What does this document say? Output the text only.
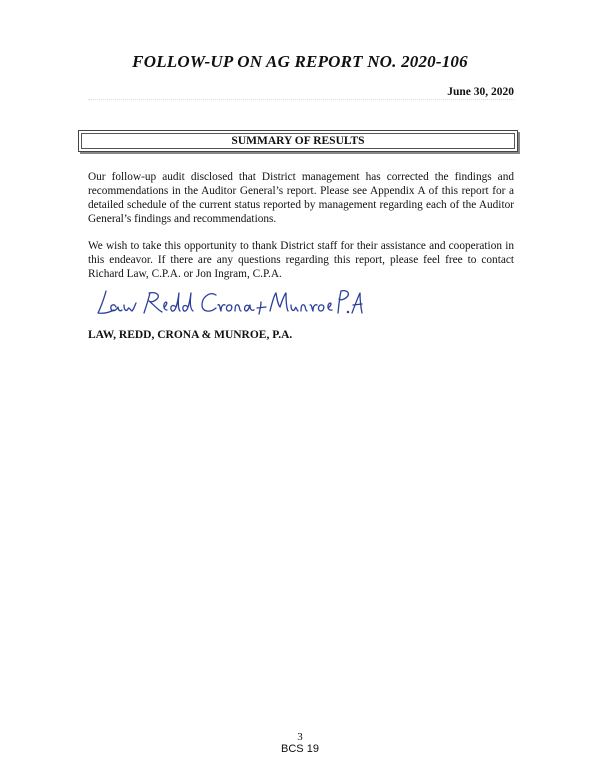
FOLLOW-UP ON AG REPORT NO. 2020-106
June 30, 2020
SUMMARY OF RESULTS
Our follow-up audit disclosed that District management has corrected the findings and recommendations in the Auditor General’s report. Please see Appendix A of this report for a detailed schedule of the current status reported by management regarding each of the Auditor General’s findings and recommendations.
We wish to take this opportunity to thank District staff for their assistance and cooperation in this endeavor. If there are any questions regarding this report, please feel free to contact Richard Law, C.P.A. or Jon Ingram, C.P.A.
LAW, REDD, CRONA & MUNROE, P.A.
3
BCS 19
